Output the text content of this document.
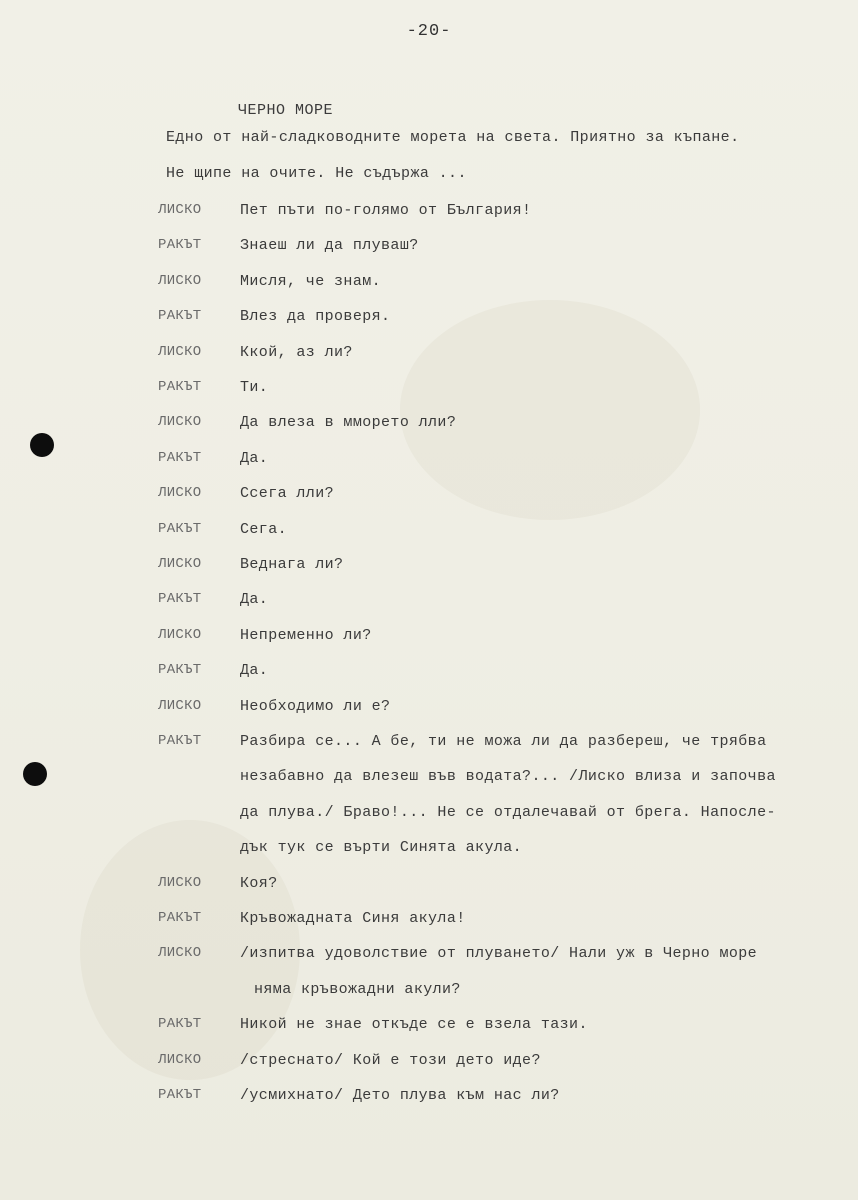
-20-
ЧЕРНО МОРЕ
Едно от най-сладководните морета на света. Приятно за къпане.
Не щипе на очите. Не съдържа ...
ЛИСКО	Пет пъти по-голямо от България!
РАКЪТ	Знаеш ли да плуваш?
ЛИСКО	Мисля, че знам.
РАКЪТ	Влез да проверя.
ЛИСКО	Ккой, аз ли?
РАКЪТ	Ти.
ЛИСКО	Да влеза в мморето лли?
РАКЪТ	Да.
ЛИСКО	Ссега лли?
РАКЪТ	Сега.
ЛИСКО	Веднага ли?
РАКЪТ	Да.
ЛИСКО	Непременно ли?
РАКЪТ	Да.
ЛИСКО	Необходимо ли е?
РАКЪТ	Разбира се... А бе, ти не можа ли да разбереш, че трябва
незабавно да влезеш във водата?... /Лиско влиза и започва
да плува./ Браво!... Не се отдалечавай от брега. Напосле-
дък тук се върти Синята акула.
ЛИСКО	Коя?
РАКЪТ	Кръвожадната Синя акула!
ЛИСКО	/изпитва удоволствие от плуването/ Нали уж в Черно море
няма кръвожадни акули?
РАКЪТ	Никой не знае откъде се е взела тази.
ЛИСКО	/стреснато/ Кой е този дето иде?
РАКЪТ	/усмихнато/ Дето плува към нас ли?
